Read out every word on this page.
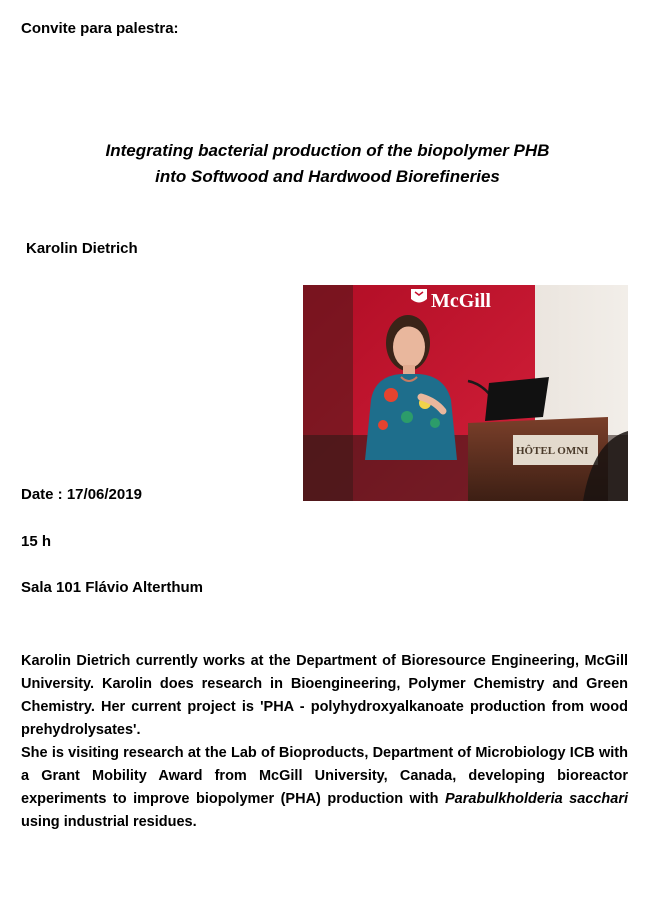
Convite para palestra:
Integrating bacterial production of the biopolymer PHB
into Softwood and Hardwood Biorefineries
Karolin Dietrich
McGill
HÔTEL OMNI
Date : 17/06/2019
15 h
Sala 101 Flávio Alterthum

Karolin Dietrich currently works at the Department of Bioresource Engineering, McGill University. Karolin does research in Bioengineering, Polymer Chemistry and Green Chemistry. Her current project is 'PHA - polyhydroxyalkanoate production from wood prehydrolysates'.

She is visiting research at the Lab of Bioproducts, Department of Microbiology ICB with a Grant Mobility Award from McGill University, Canada, developing bioreactor experiments to improve biopolymer (PHA) production with Parabulkholderia sacchari using industrial residues.
